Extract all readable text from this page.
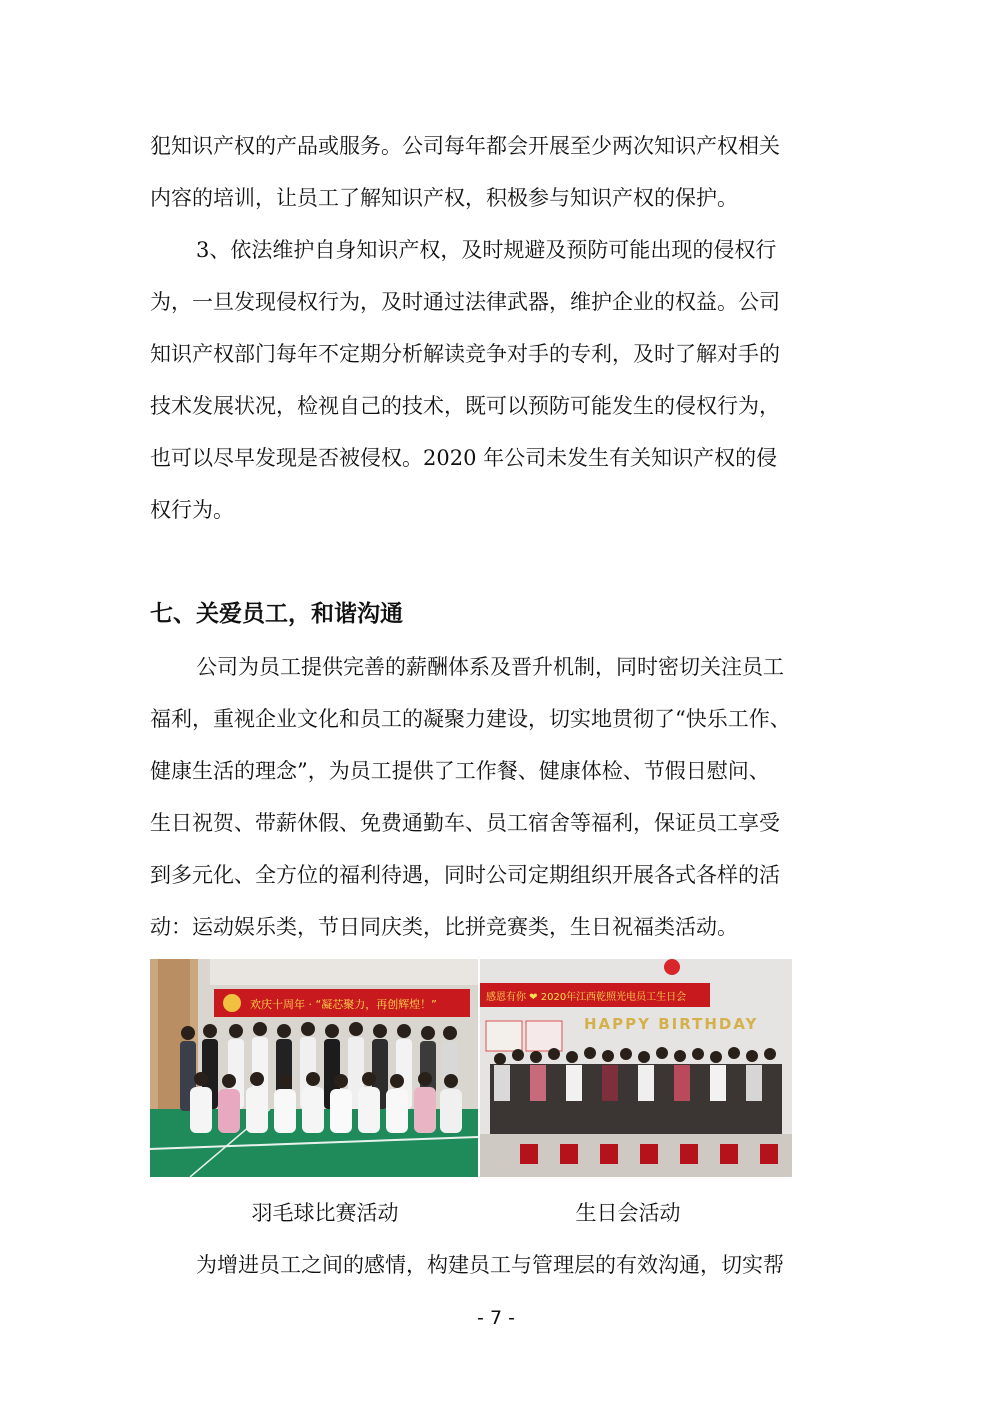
犯知识产权的产品或服务。公司每年都会开展至少两次知识产权相关
内容的培训，让员工了解知识产权，积极参与知识产权的保护。
3、依法维护自身知识产权，及时规避及预防可能出现的侵权行
为，一旦发现侵权行为，及时通过法律武器，维护企业的权益。公司
知识产权部门每年不定期分析解读竞争对手的专利，及时了解对手的
技术发展状况，检视自己的技术，既可以预防可能发生的侵权行为，
也可以尽早发现是否被侵权。2020 年公司未发生有关知识产权的侵
权行为。
七、关爱员工，和谐沟通
公司为员工提供完善的薪酬体系及晋升机制，同时密切关注员工
福利，重视企业文化和员工的凝聚力建设，切实地贯彻了“快乐工作、
健康生活的理念”，为员工提供了工作餐、健康体检、节假日慰问、
生日祝贺、带薪休假、免费通勤车、员工宿舍等福利，保证员工享受
到多元化、全方位的福利待遇，同时公司定期组织开展各式各样的活
动：运动娱乐类，节日同庆类，比拼竞赛类，生日祝福类活动。
欢庆十周年 · “凝芯聚力，再创辉煌！”
感恩有你 ❤ 2020年江西乾照光电员工生日会
HAPPY BIRTHDAY
羽毛球比赛活动	生日会活动
为增进员工之间的感情，构建员工与管理层的有效沟通，切实帮
- 7 -
